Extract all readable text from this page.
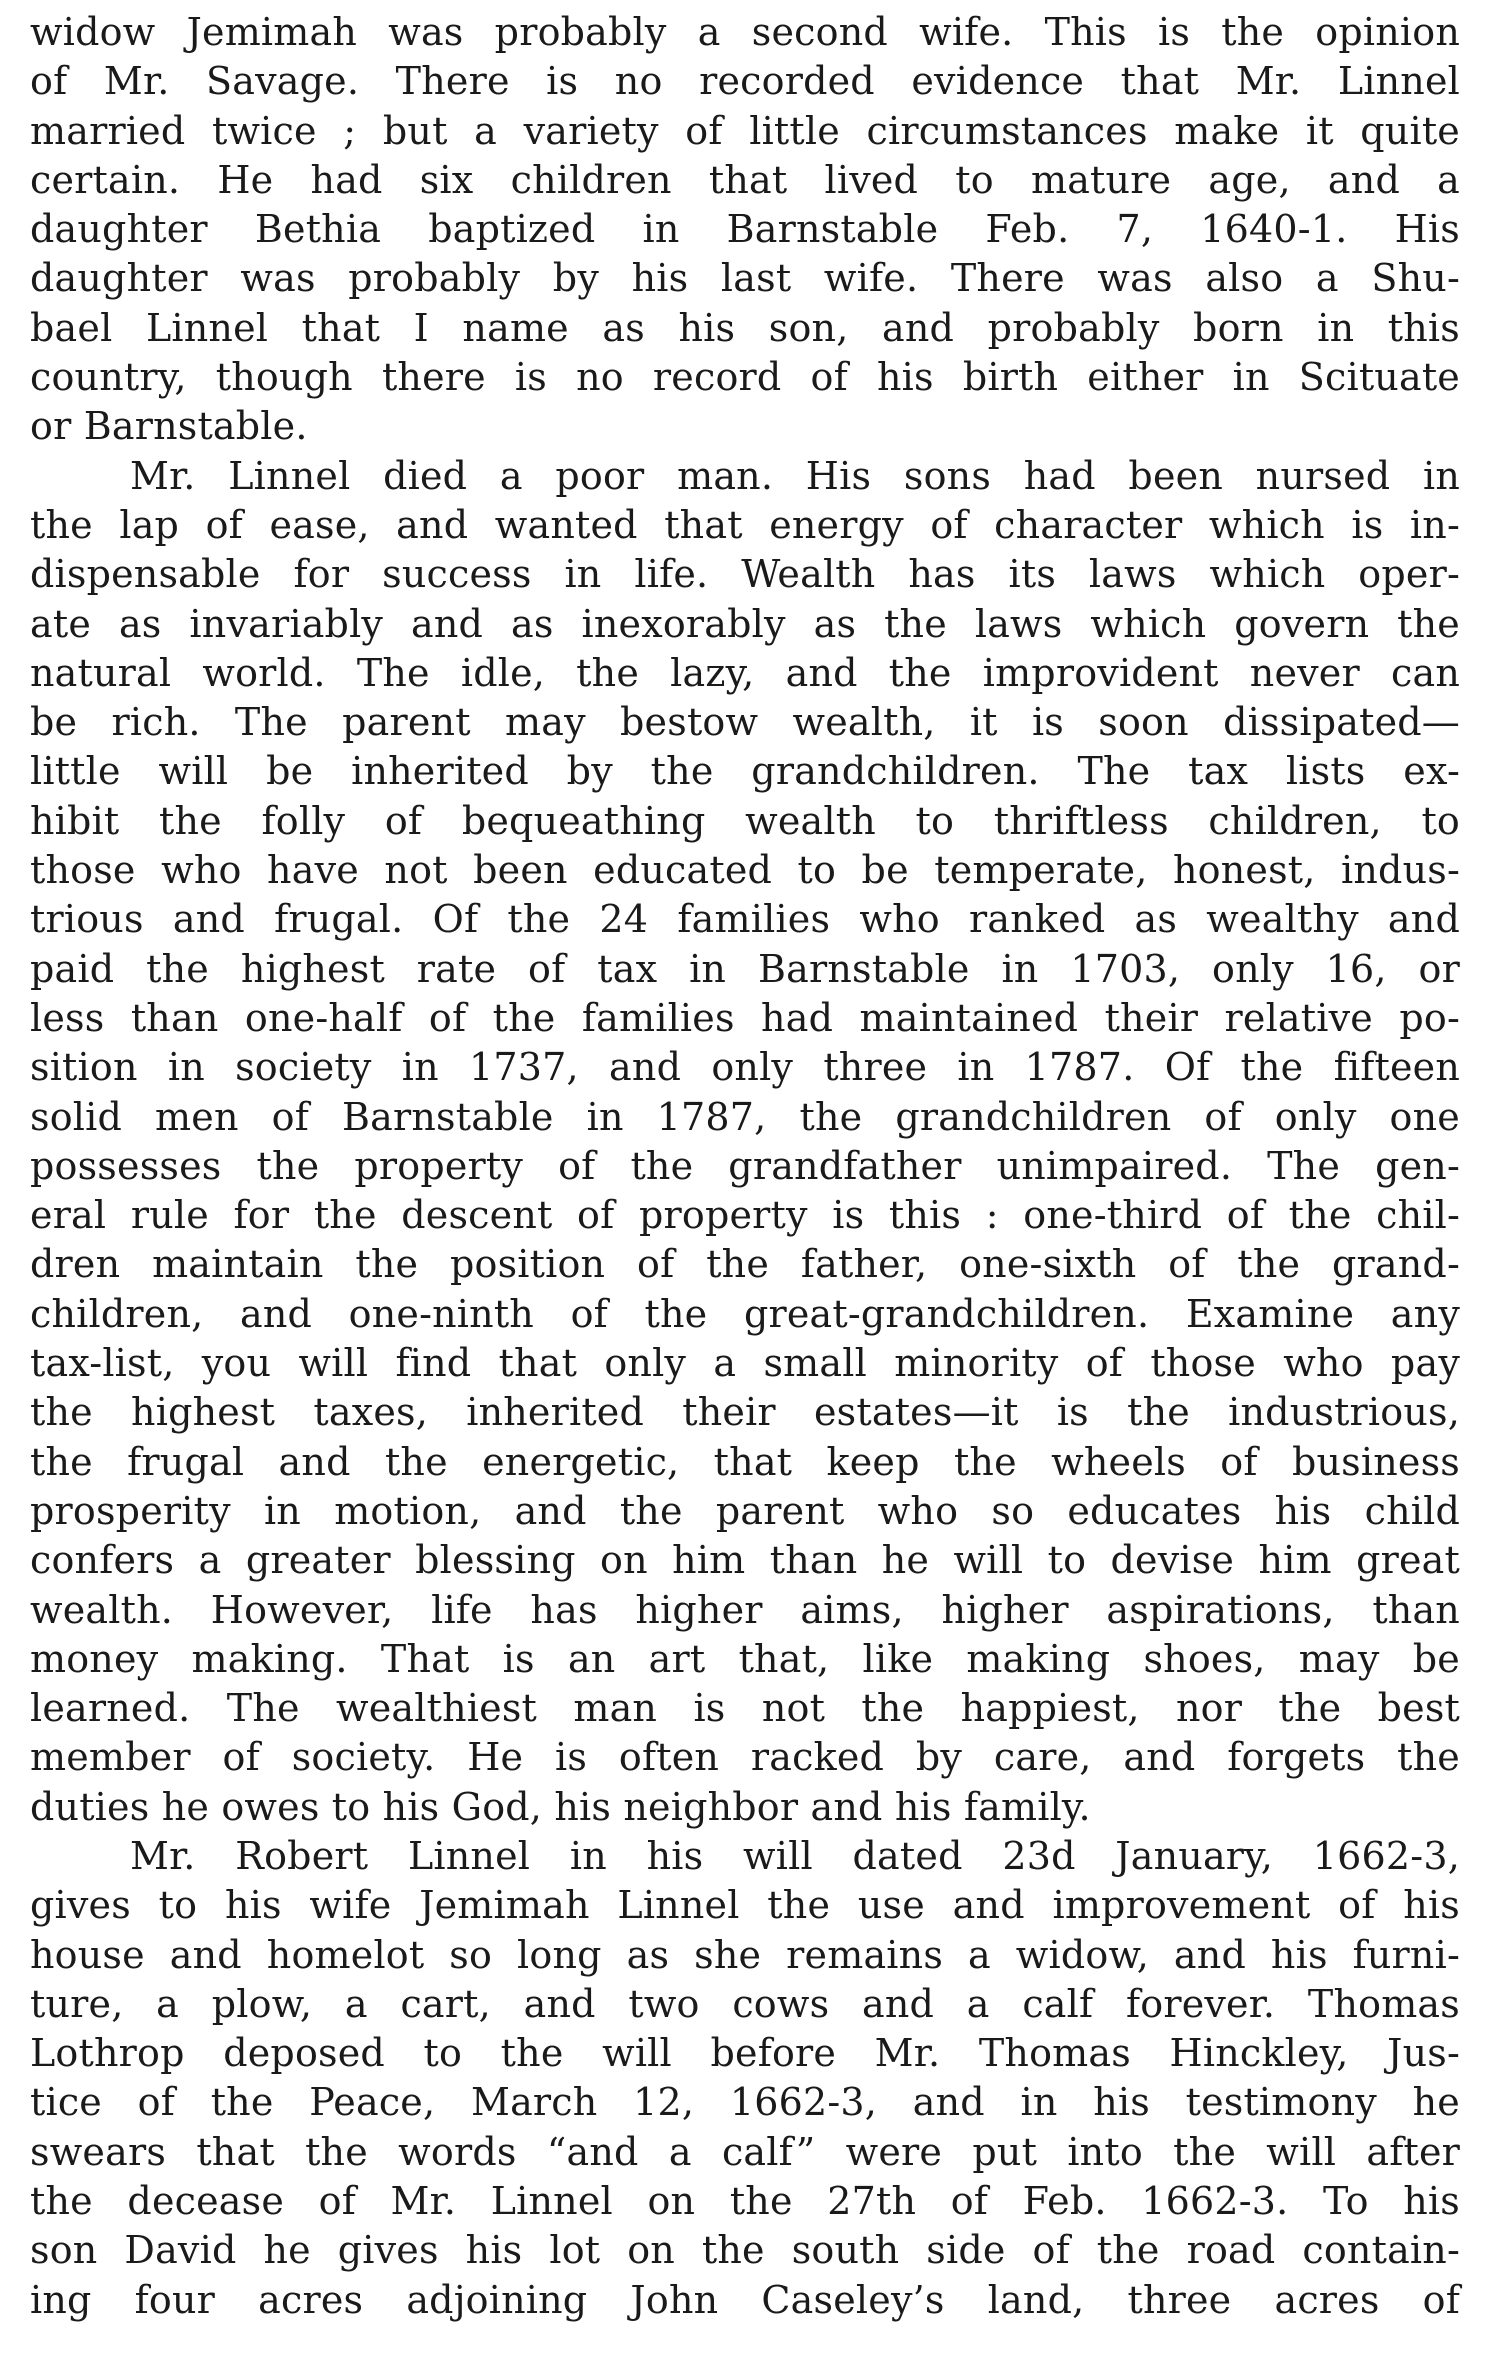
widow Jemimah was probably a second wife. This is the opinion
of Mr. Savage. There is no recorded evidence that Mr. Linnel
married twice ; but a variety of little circumstances make it quite
certain. He had six children that lived to mature age, and a
daughter Bethia baptized in Barnstable Feb. 7, 1640-1. His
daughter was probably by his last wife. There was also a Shu-
bael Linnel that I name as his son, and probably born in this
country, though there is no record of his birth either in Scituate
or Barnstable.
Mr. Linnel died a poor man. His sons had been nursed in
the lap of ease, and wanted that energy of character which is in-
dispensable for success in life. Wealth has its laws which oper-
ate as invariably and as inexorably as the laws which govern the
natural world. The idle, the lazy, and the improvident never can
be rich. The parent may bestow wealth, it is soon dissipated—
little will be inherited by the grandchildren. The tax lists ex-
hibit the folly of bequeathing wealth to thriftless children, to
those who have not been educated to be temperate, honest, indus-
trious and frugal. Of the 24 families who ranked as wealthy and
paid the highest rate of tax in Barnstable in 1703, only 16, or
less than one-half of the families had maintained their relative po-
sition in society in 1737, and only three in 1787. Of the fifteen
solid men of Barnstable in 1787, the grandchildren of only one
possesses the property of the grandfather unimpaired. The gen-
eral rule for the descent of property is this : one-third of the chil-
dren maintain the position of the father, one-sixth of the grand-
children, and one-ninth of the great-grandchildren. Examine any
tax-list, you will find that only a small minority of those who pay
the highest taxes, inherited their estates—it is the industrious,
the frugal and the energetic, that keep the wheels of business
prosperity in motion, and the parent who so educates his child
confers a greater blessing on him than he will to devise him great
wealth. However, life has higher aims, higher aspirations, than
money making. That is an art that, like making shoes, may be
learned. The wealthiest man is not the happiest, nor the best
member of society. He is often racked by care, and forgets the
duties he owes to his God, his neighbor and his family.
Mr. Robert Linnel in his will dated 23d January, 1662-3,
gives to his wife Jemimah Linnel the use and improvement of his
house and homelot so long as she remains a widow, and his furni-
ture, a plow, a cart, and two cows and a calf forever. Thomas
Lothrop deposed to the will before Mr. Thomas Hinckley, Jus-
tice of the Peace, March 12, 1662-3, and in his testimony he
swears that the words “and a calf” were put into the will after
the decease of Mr. Linnel on the 27th of Feb. 1662-3. To his
son David he gives his lot on the south side of the road contain-
ing four acres adjoining John Caseley’s land, three acres of
